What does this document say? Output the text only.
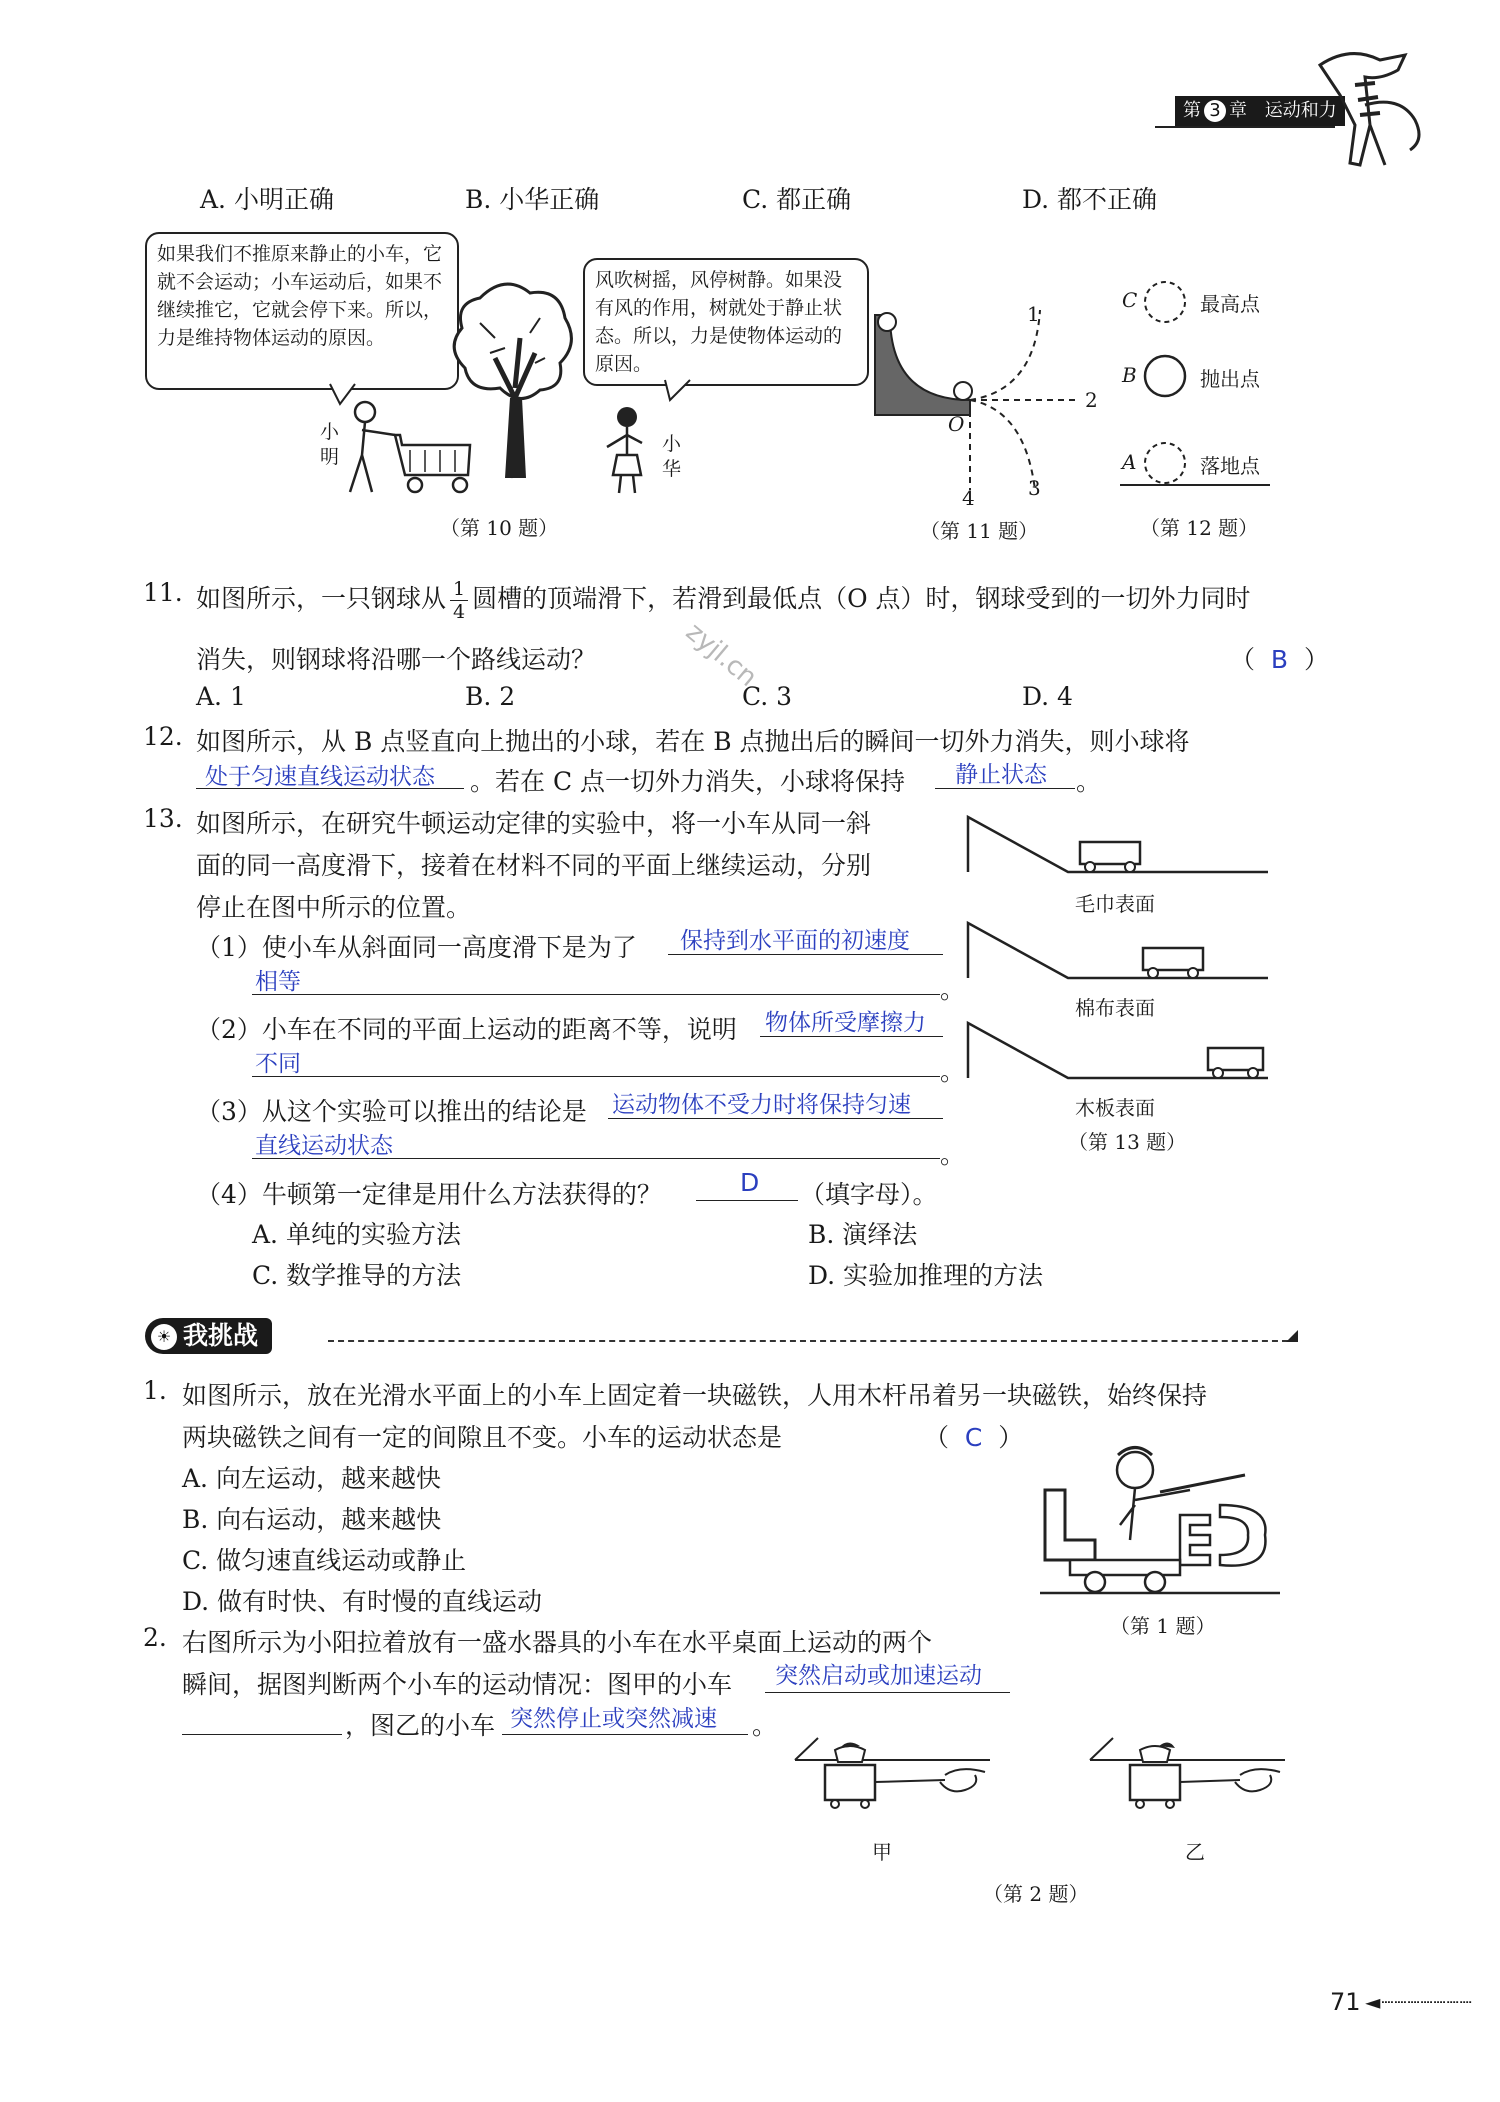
第 3 章 运动和力
A. 小明正确	B. 小华正确	C. 都正确	D. 都不正确
如果我们不推原来静止的小车，它就不会运动；小车运动后，如果不继续推它，它就会停下来。所以，力是维持物体运动的原因。
风吹树摇，风停树静。如果没有风的作用，树就处于静止状态。所以，力是使物体运动的原因。
小
明
小
华
（第 10 题）
1
2
3
4
O
（第 11 题）
C	最高点
B	抛出点
A	落地点
（第 12 题）
11. 如图所示，一只钢球从 $\frac{1}{4}$ 圆槽的顶端滑下，若滑到最低点（O 点）时，钢球受到的一切外力同时
消失，则钢球将沿哪一个路线运动？	（  B  ）
A. 1	B. 2	C. 3	D. 4
12. 如图所示，从 B 点竖直向上抛出的小球，若在 B 点抛出后的瞬间一切外力消失，则小球将
处于匀速直线运动状态 。若在 C 点一切外力消失，小球将保持 静止状态 。
13. 如图所示，在研究牛顿运动定律的实验中，将一小车从同一斜
面的同一高度滑下，接着在材料不同的平面上继续运动，分别
停止在图中所示的位置。
（1）使小车从斜面同一高度滑下是为了 保持到水平面的初速度
相等	。
（2）小车在不同的平面上运动的距离不等，说明 物体所受摩擦力
不同	。
（3）从这个实验可以推出的结论是 运动物体不受力时将保持匀速
直线运动状态	。
（4）牛顿第一定律是用什么方法获得的？	D （填字母）。
A. 单纯的实验方法	B. 演绎法
C. 数学推导的方法	D. 实验加推理的方法
毛巾表面
棉布表面
木板表面
（第 13 题）
☀ 我挑战
1. 如图所示，放在光滑水平面上的小车上固定着一块磁铁，人用木杆吊着另一块磁铁，始终保持
两块磁铁之间有一定的间隙且不变。小车的运动状态是	（  C  ）
A. 向左运动，越来越快
B. 向右运动，越来越快
C. 做匀速直线运动或静止
D. 做有时快、有时慢的直线运动
（第 1 题）
2. 右图所示为小阳拉着放有一盛水器具的小车在水平桌面上运动的两个
瞬间，据图判断两个小车的运动情况：图甲的小车 突然启动或加速运动
，图乙的小车 突然停止或突然减速 。
甲	乙
（第 2 题）
zyjl.cn
71 ◄┈┈┈┈┈┈┈
